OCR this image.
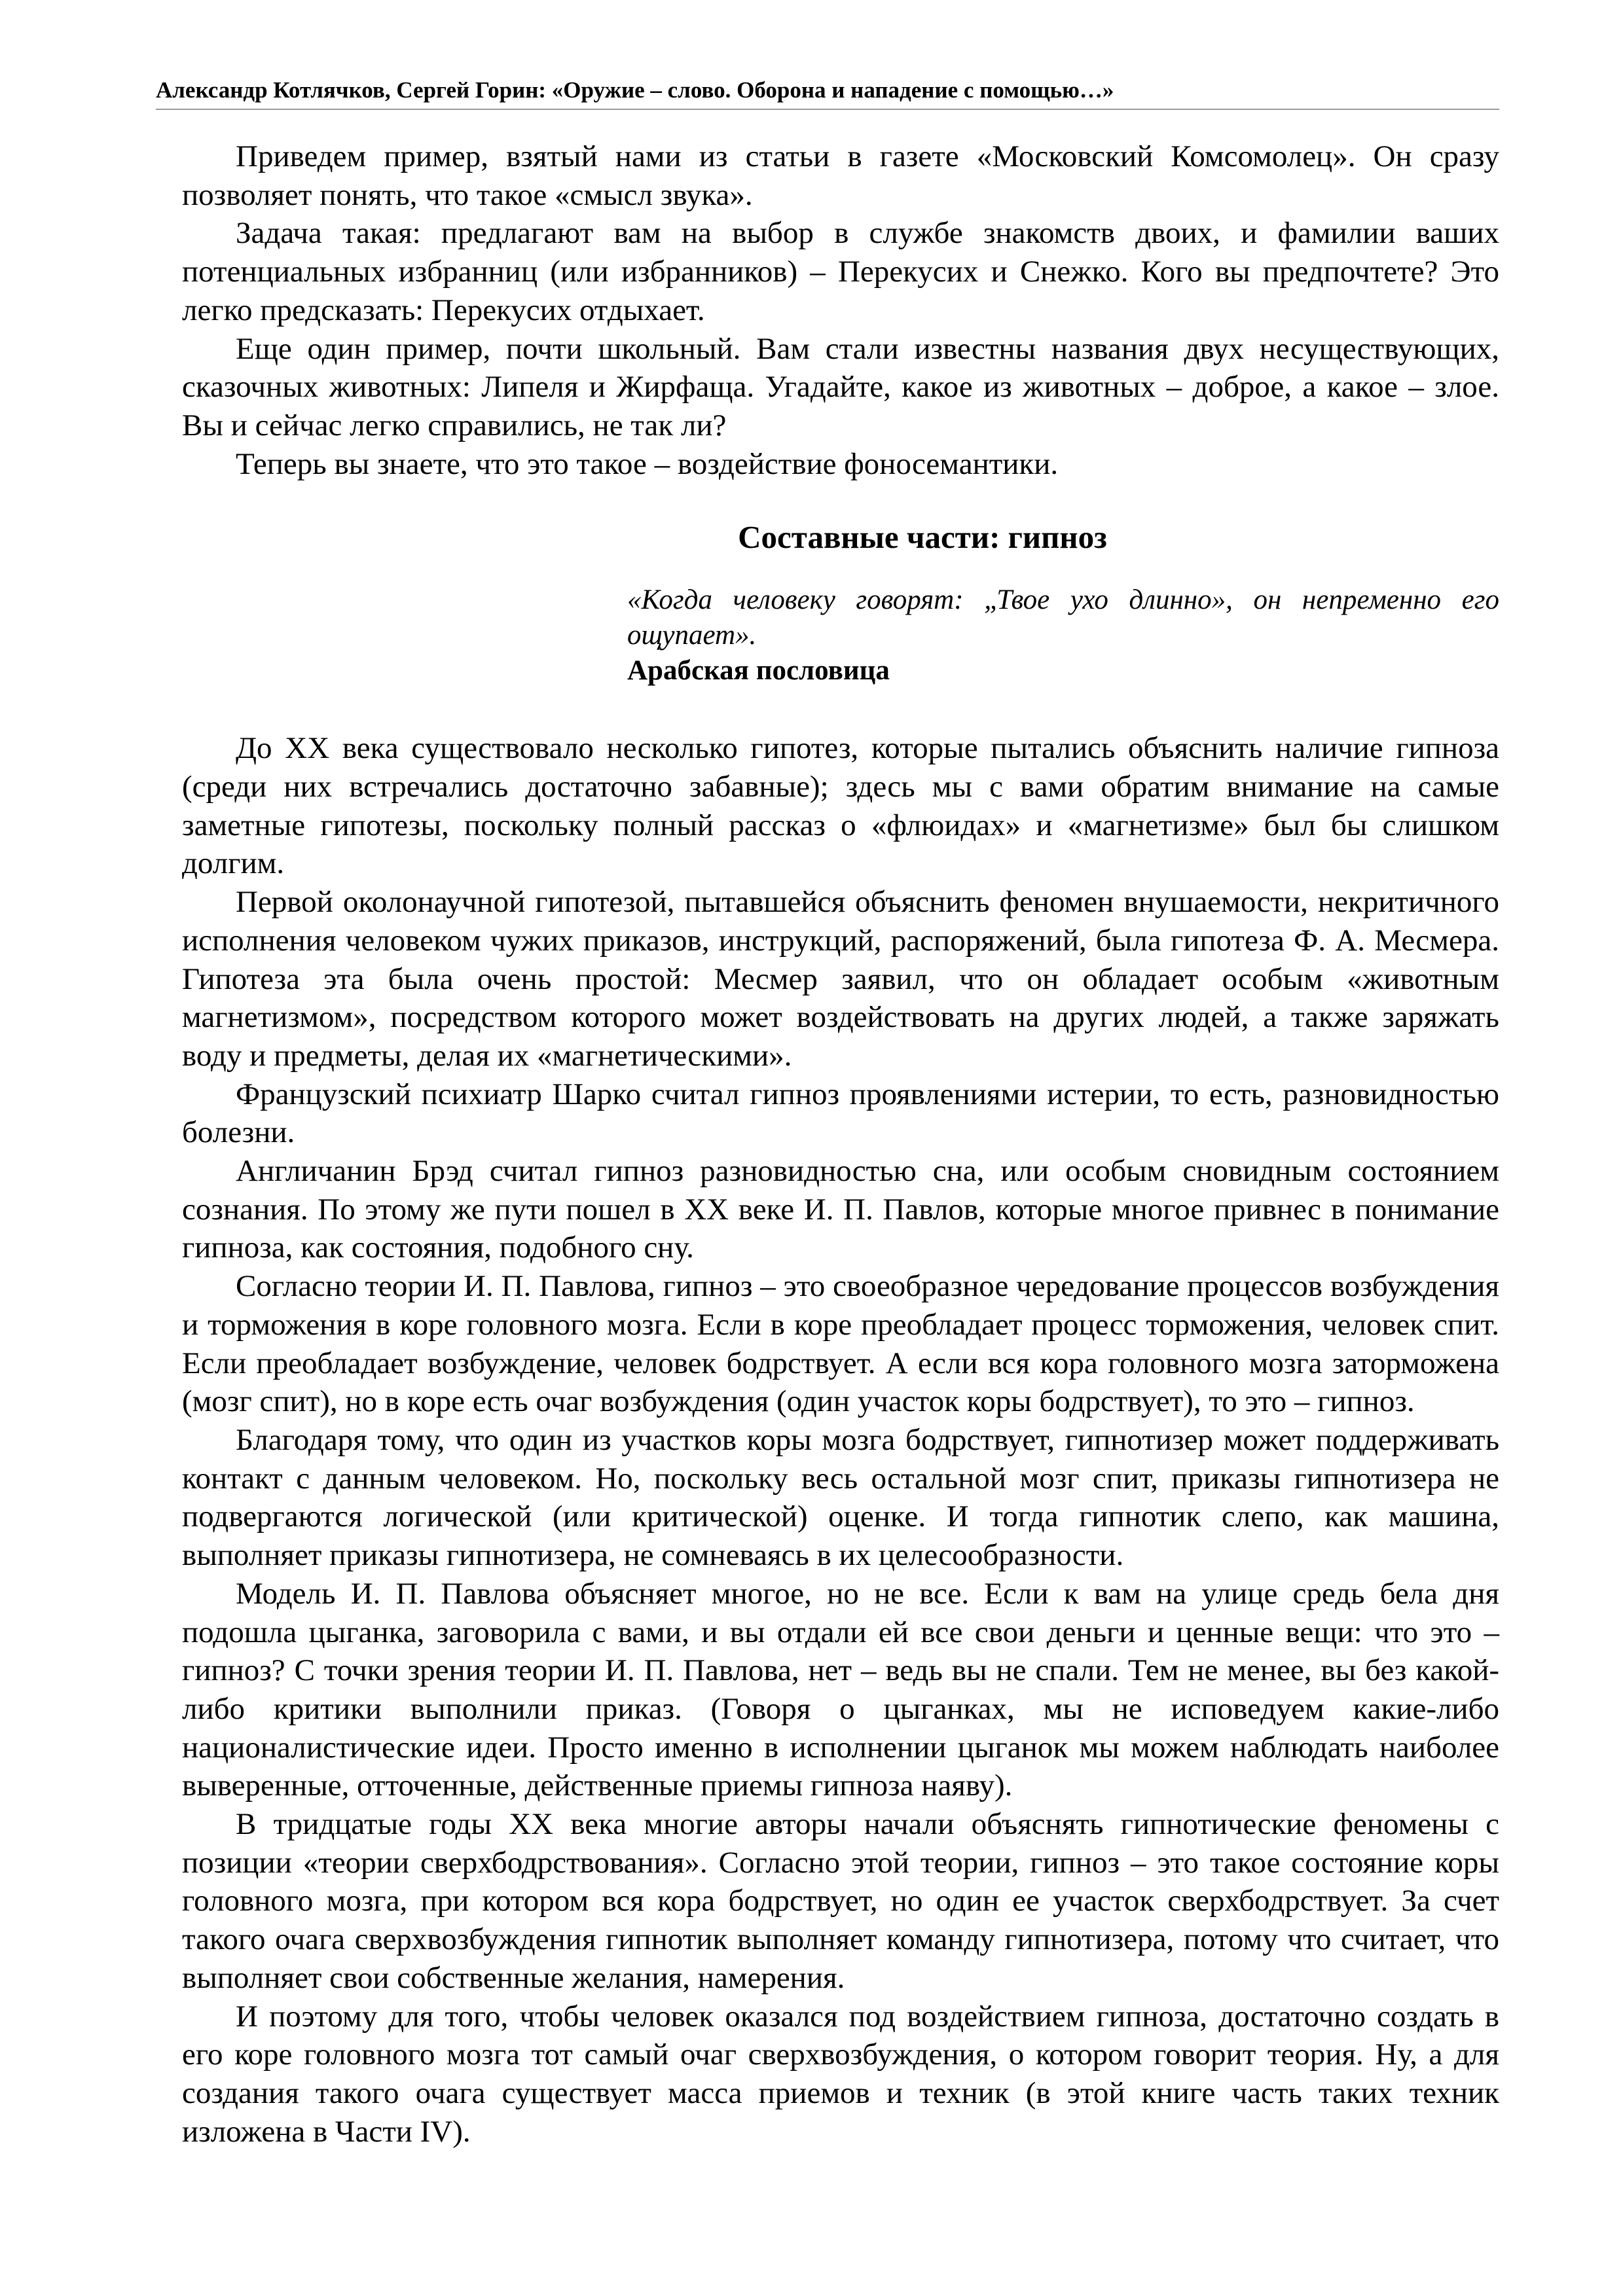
Александр Котлячков, Сергей Горин: «Оружие – слово. Оборона и нападение с помощью…»

Приведем пример, взятый нами из статьи в газете «Московский Комсомолец». Он сразу позволяет понять, что такое «смысл звука».

Задача такая: предлагают вам на выбор в службе знакомств двоих, и фамилии ваших потенциальных избранниц (или избранников) – Перекусих и Снежко. Кого вы предпочтете? Это легко предсказать: Перекусих отдыхает.

Еще один пример, почти школьный. Вам стали известны названия двух несуществующих, сказочных животных: Липеля и Жирфаща. Угадайте, какое из животных – доброе, а какое – злое. Вы и сейчас легко справились, не так ли?

Теперь вы знаете, что это такое – воздействие фоносемантики.

Составные части: гипноз

«Когда человеку говорят: „Твое ухо длинно», он непременно его ощупает».

Арабская пословица

До XX века существовало несколько гипотез, которые пытались объяснить наличие гипноза (среди них встречались достаточно забавные); здесь мы с вами обратим внимание на самые заметные гипотезы, поскольку полный рассказ о «флюидах» и «магнетизме» был бы слишком долгим.

Первой околонаучной гипотезой, пытавшейся объяснить феномен внушаемости, некритичного исполнения человеком чужих приказов, инструкций, распоряжений, была гипотеза Ф. А. Месмера. Гипотеза эта была очень простой: Месмер заявил, что он обладает особым «животным магнетизмом», посредством которого может воздействовать на других людей, а также заряжать воду и предметы, делая их «магнетическими».

Французский психиатр Шарко считал гипноз проявлениями истерии, то есть, разновидностью болезни.

Англичанин Брэд считал гипноз разновидностью сна, или особым сновидным состоянием сознания. По этому же пути пошел в XX веке И. П. Павлов, которые многое привнес в понимание гипноза, как состояния, подобного сну.

Согласно теории И. П. Павлова, гипноз – это своеобразное чередование процессов возбуждения и торможения в коре головного мозга. Если в коре преобладает процесс торможения, человек спит. Если преобладает возбуждение, человек бодрствует. А если вся кора головного мозга заторможена (мозг спит), но в коре есть очаг возбуждения (один участок коры бодрствует), то это – гипноз.

Благодаря тому, что один из участков коры мозга бодрствует, гипнотизер может поддерживать контакт с данным человеком. Но, поскольку весь остальной мозг спит, приказы гипнотизера не подвергаются логической (или критической) оценке. И тогда гипнотик слепо, как машина, выполняет приказы гипнотизера, не сомневаясь в их целесообразности.

Модель И. П. Павлова объясняет многое, но не все. Если к вам на улице средь бела дня подошла цыганка, заговорила с вами, и вы отдали ей все свои деньги и ценные вещи: что это – гипноз? С точки зрения теории И. П. Павлова, нет – ведь вы не спали. Тем не менее, вы без какой-либо критики выполнили приказ. (Говоря о цыганках, мы не исповедуем какие-либо националистические идеи. Просто именно в исполнении цыганок мы можем наблюдать наиболее выверенные, отточенные, действенные приемы гипноза наяву).

В тридцатые годы XX века многие авторы начали объяснять гипнотические феномены с позиции «теории сверхбодрствования». Согласно этой теории, гипноз – это такое состояние коры головного мозга, при котором вся кора бодрствует, но один ее участок сверхбодрствует. За счет такого очага сверхвозбуждения гипнотик выполняет команду гипнотизера, потому что считает, что выполняет свои собственные желания, намерения.

И поэтому для того, чтобы человек оказался под воздействием гипноза, достаточно создать в его коре головного мозга тот самый очаг сверхвозбуждения, о котором говорит теория. Ну, а для создания такого очага существует масса приемов и техник (в этой книге часть таких техник изложена в Части IV).
